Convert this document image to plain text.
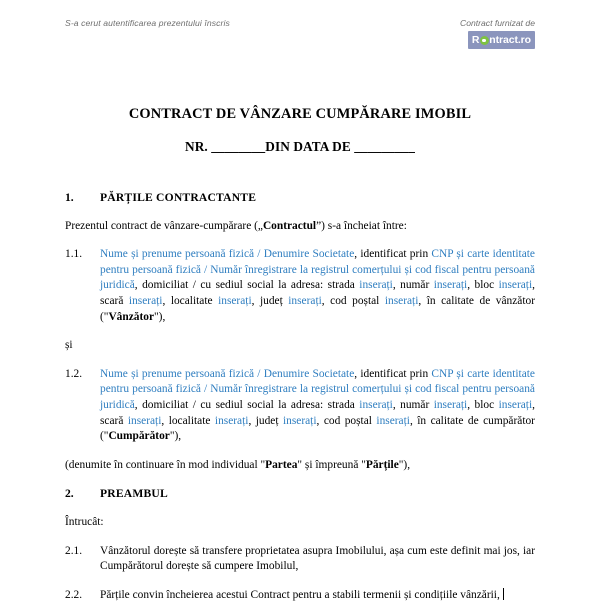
S-a cerut autentificarea prezentului înscris	Contract furnizat de
R ntract.ro
CONTRACT DE VÂNZARE CUMPĂRARE IMOBIL
NR. ________DIN DATA DE _________
1. PĂRȚILE CONTRACTANTE

Prezentul contract de vânzare-cumpărare („Contractul”) s-a încheiat între:

1.1. Nume și prenume persoană fizică / Denumire Societate, identificat prin CNP și carte identitate pentru persoană fizică / Număr înregistrare la registrul comerțului și cod fiscal pentru persoană juridică, domiciliat / cu sediul social la adresa: strada inserați, număr inserați, bloc inserați, scară inserați, localitate inserați, județ inserați, cod poștal inserați, în calitate de vânzător ("Vânzător"),

și

1.2. Nume și prenume persoană fizică / Denumire Societate, identificat prin CNP și carte identitate pentru persoană fizică / Număr înregistrare la registrul comerțului și cod fiscal pentru persoană juridică, domiciliat / cu sediul social la adresa: strada inserați, număr inserați, bloc inserați, scară inserați, localitate inserați, județ inserați, cod poștal inserați, în calitate de cumpărător ("Cumpărător"),

(denumite în continuare în mod individual "Partea" și împreună "Părțile"),

2. PREAMBUL

Întrucât:

2.1. Vânzătorul dorește să transfere proprietatea asupra Imobilului, așa cum este definit mai jos, iar Cumpărătorul dorește să cumpere Imobilul,
2.2. Părțile convin încheierea acestui Contract pentru a stabili termenii și condițiile vânzării,
